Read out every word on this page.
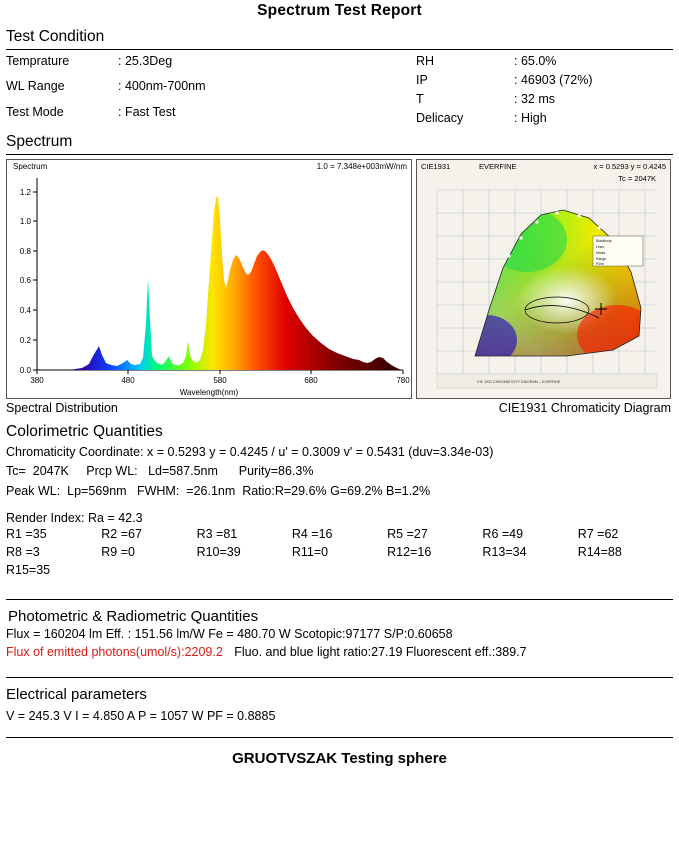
Spectrum Test Report
Test Condition
Temprature	: 25.3Deg
WL Range	: 400nm-700nm
Test Mode	: Fast Test
RH	: 65.0%
IP	: 46903 (72%)
T	: 32 ms
Delicacy	: High
Spectrum
Spectrum	1.0 = 7.348e+003mW/nm
1.2
1.0
0.8
0.6
0.4
0.2
0.0
380	480	580	680	780
Wavelength(nm)
Blackbody
Lines
Marks
Range
Point
CIE 1931 CHROMATICITY DIAGRAM -- EVERFINE
CIE1931	EVERFINE	x = 0.5293 y = 0.4245
Tc = 2047K
Spectral Distribution	CIE1931 Chromaticity Diagram
Colorimetric Quantities
Chromaticity Coordinate: x = 0.5293 y = 0.4245 / u' = 0.3009 v' = 0.5431 (duv=3.34e-03)
Tc=  2047K     Prcp WL:   Ld=587.5nm      Purity=86.3%
Peak WL:  Lp=569nm   FWHM:  =26.1nm  Ratio:R=29.6% G=69.2% B=1.2%
Render Index: Ra = 42.3
R1 =35	R2 =67	R3 =81	R4 =16	R5 =27	R6 =49	R7 =62
R8 =3	R9 =0	R10=39	R11=0	R12=16	R13=34	R14=88
R15=35
Photometric & Radiometric Quantities
Flux = 160204 lm Eff. : 151.56 lm/W Fe = 480.70 W Scotopic:97177 S/P:0.60658
Flux of emitted photons(umol/s):2209.2 Fluo. and blue light ratio:27.19 Fluorescent eff.:389.7
Electrical parameters
V = 245.3 V I = 4.850 A P = 1057 W PF = 0.8885
GRUOTVSZAK Testing sphere
